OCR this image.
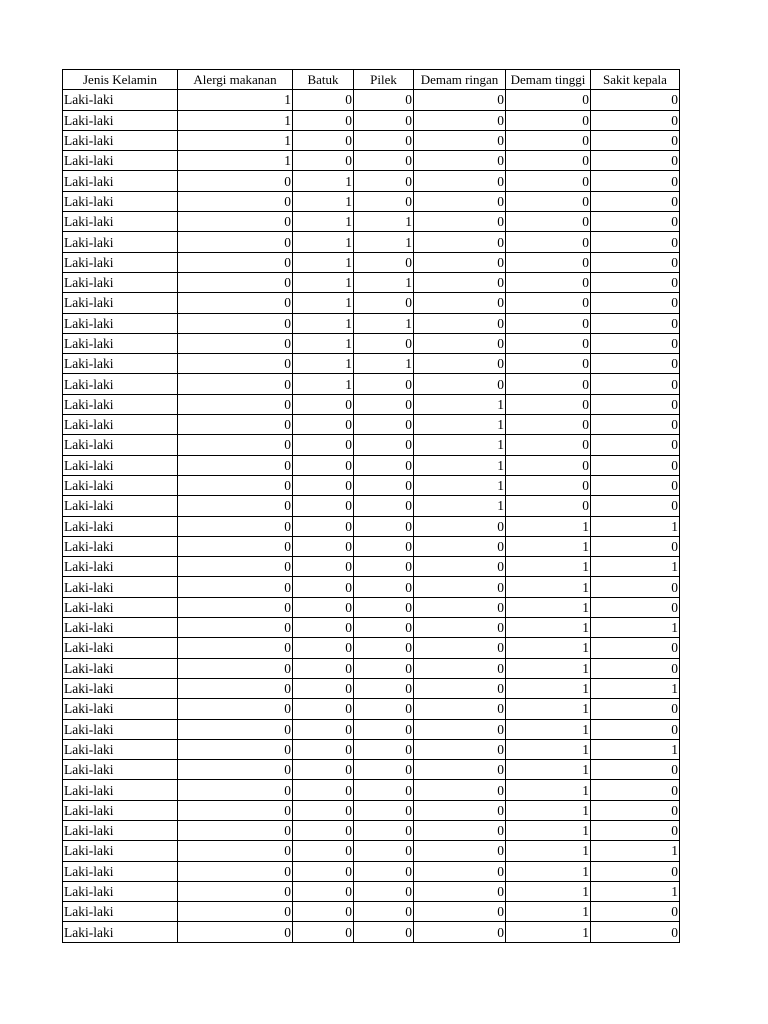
Jenis Kelamin	Alergi makanan	Batuk	Pilek	Demam ringan	Demam tinggi	Sakit kepala
Laki-laki	1	0	0	0	0	0
Laki-laki	1	0	0	0	0	0
Laki-laki	1	0	0	0	0	0
Laki-laki	1	0	0	0	0	0
Laki-laki	0	1	0	0	0	0
Laki-laki	0	1	0	0	0	0
Laki-laki	0	1	1	0	0	0
Laki-laki	0	1	1	0	0	0
Laki-laki	0	1	0	0	0	0
Laki-laki	0	1	1	0	0	0
Laki-laki	0	1	0	0	0	0
Laki-laki	0	1	1	0	0	0
Laki-laki	0	1	0	0	0	0
Laki-laki	0	1	1	0	0	0
Laki-laki	0	1	0	0	0	0
Laki-laki	0	0	0	1	0	0
Laki-laki	0	0	0	1	0	0
Laki-laki	0	0	0	1	0	0
Laki-laki	0	0	0	1	0	0
Laki-laki	0	0	0	1	0	0
Laki-laki	0	0	0	1	0	0
Laki-laki	0	0	0	0	1	1
Laki-laki	0	0	0	0	1	0
Laki-laki	0	0	0	0	1	1
Laki-laki	0	0	0	0	1	0
Laki-laki	0	0	0	0	1	0
Laki-laki	0	0	0	0	1	1
Laki-laki	0	0	0	0	1	0
Laki-laki	0	0	0	0	1	0
Laki-laki	0	0	0	0	1	1
Laki-laki	0	0	0	0	1	0
Laki-laki	0	0	0	0	1	0
Laki-laki	0	0	0	0	1	1
Laki-laki	0	0	0	0	1	0
Laki-laki	0	0	0	0	1	0
Laki-laki	0	0	0	0	1	0
Laki-laki	0	0	0	0	1	0
Laki-laki	0	0	0	0	1	1
Laki-laki	0	0	0	0	1	0
Laki-laki	0	0	0	0	1	1
Laki-laki	0	0	0	0	1	0
Laki-laki	0	0	0	0	1	0
